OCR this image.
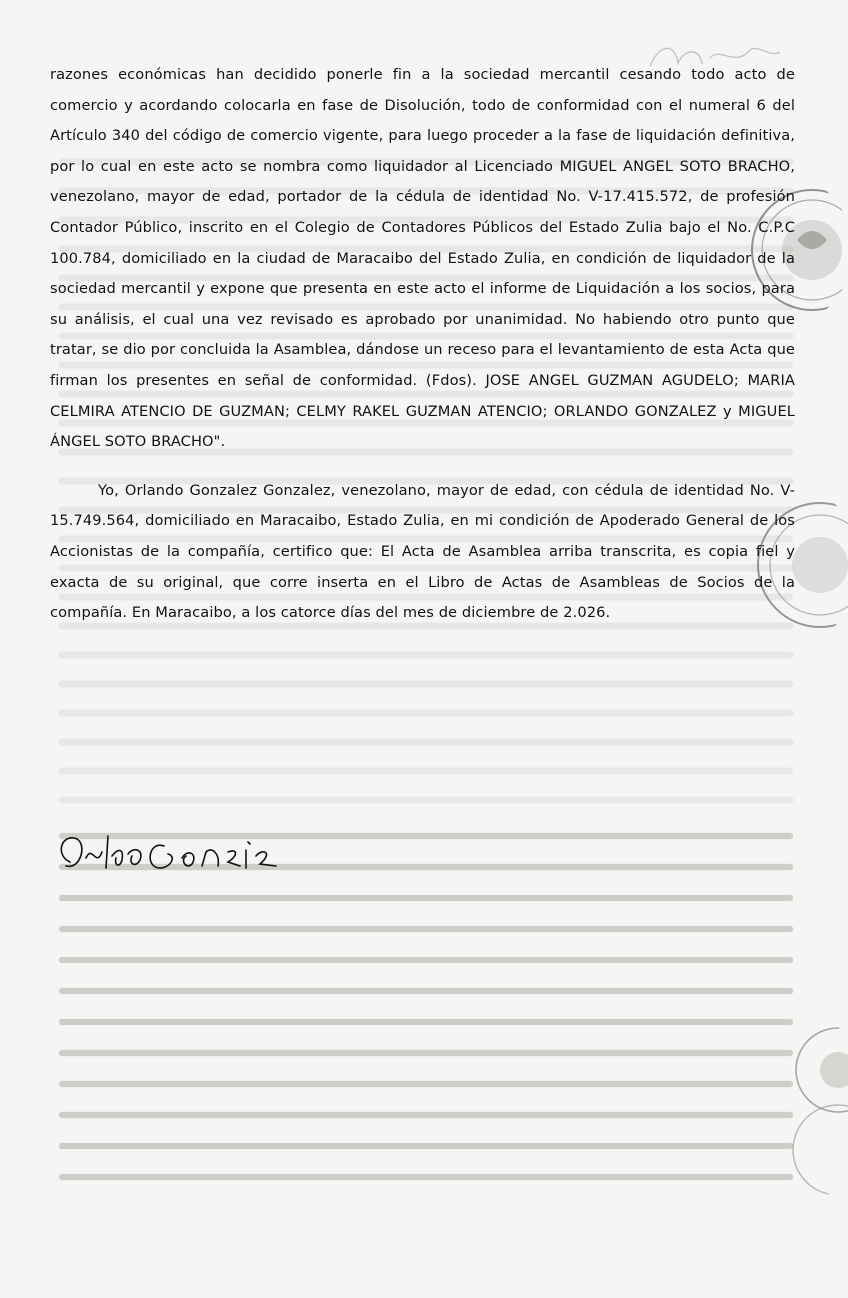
razones económicas han decidido ponerle fin a la sociedad mercantil cesando todo acto de comercio y acordando colocarla en fase de Disolución, todo de conformidad con el numeral 6 del Artículo 340 del código de comercio vigente, para luego proceder a la fase de liquidación definitiva, por lo cual en este acto se nombra como liquidador al Licenciado MIGUEL ANGEL SOTO BRACHO, venezolano, mayor de edad, portador de la cédula de identidad No. V-17.415.572, de profesión Contador Público, inscrito en el Colegio de Contadores Públicos del Estado Zulia bajo el No. C.P.C 100.784, domiciliado en la ciudad de Maracaibo del Estado Zulia, en condición de liquidador de la sociedad mercantil y expone que presenta en este acto el informe de Liquidación a los socios, para su análisis, el cual una vez revisado es aprobado por unanimidad. No habiendo otro punto que tratar, se dio por concluida la Asamblea, dándose un receso para el levantamiento de esta Acta que firman los presentes en señal de conformidad. (Fdos). JOSE ANGEL GUZMAN AGUDELO; MARIA CELMIRA ATENCIO DE GUZMAN; CELMY RAKEL GUZMAN ATENCIO; ORLANDO GONZALEZ y MIGUEL ÁNGEL SOTO BRACHO".

Yo, Orlando Gonzalez Gonzalez, venezolano, mayor de edad, con cédula de identidad No. V-15.749.564, domiciliado en Maracaibo, Estado Zulia, en mi condición de Apoderado General de los Accionistas de la compañía, certifico que: El Acta de Asamblea arriba transcrita, es copia fiel y exacta de su original, que corre inserta en el Libro de Actas de Asambleas de Socios de la compañía. En Maracaibo, a los catorce días del mes de diciembre de 2.026.
